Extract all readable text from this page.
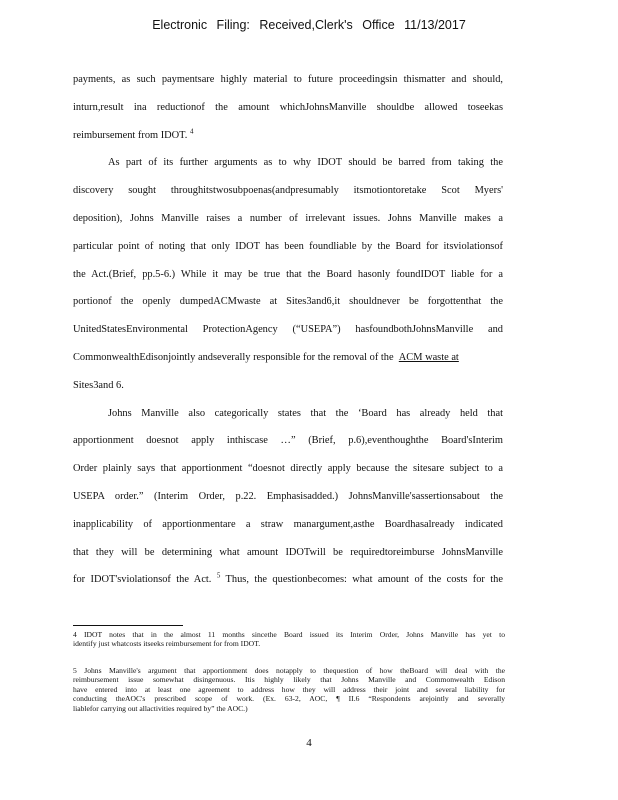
Electronic Filing: Received,Clerk's Office 11/13/2017
payments, as such paymentsare highly material to future proceedingsin thismatter and should,
inturn,result ina reductionof the amount whichJohnsManville shouldbe allowed toseekas
reimbursement from IDOT. $^4$
As part of its further arguments as to why IDOT should be barred from taking the
discovery sought throughitstwosubpoenas(andpresumably itsmotiontoretake Scot Myers'
deposition), Johns Manville raises a number of irrelevant issues. Johns Manville makes a
particular point of noting that only IDOT has been foundliable by the Board for itsviolationsof
the Act.(Brief, pp.5-6.) While it may be true that the Board hasonly foundIDOT liable for a
portionof the openly dumpedACMwaste at Sites3and6,it shouldnever be forgottenthat the
UnitedStatesEnvironmental ProtectionAgency (“USEPA”) hasfoundbothJohnsManville and
CommonwealthEdisonjointly andseverally responsible for the removal of the ACM waste at
Sites3and 6.
Johns Manville also categorically states that the ‘Board has already held that
apportionment doesnot apply inthiscase …” (Brief, p.6),eventhoughthe Board'sInterim
Order plainly says that apportionment “doesnot directly apply because the sitesare subject to a
USEPA order.” (Interim Order, p.22. Emphasisadded.) JohnsManville'sassertionsabout the
inapplicability of apportionmentare a straw manargument,asthe Boardhasalready indicated
that they will be determining what amount IDOTwill be requiredtoreimburse JohnsManville
for IDOT'sviolationsof the Act. $^5$ Thus, the questionbecomes: what amount of the costs for the
4 IDOT notes that in the almost 11 months sincethe Board issued its Interim Order, Johns Manville has yet to
identify just whatcosts itseeks reimbursement for from IDOT.
5 Johns Manville's argument that apportionment does notapply to thequestion of how theBoard will deal with the
reimbursement issue somewhat disingenuous. Itis highly likely that Johns Manville and Commonwealth Edison
have entered into at least one agreement to address how they will address their joint and several liability for
conducting theAOC's prescribed scope of work. (Ex. 63-2, AOC, ¶ II.6 “Respondents arejointly and severally
liablefor carrying out allactivities required by” the AOC.)
4
